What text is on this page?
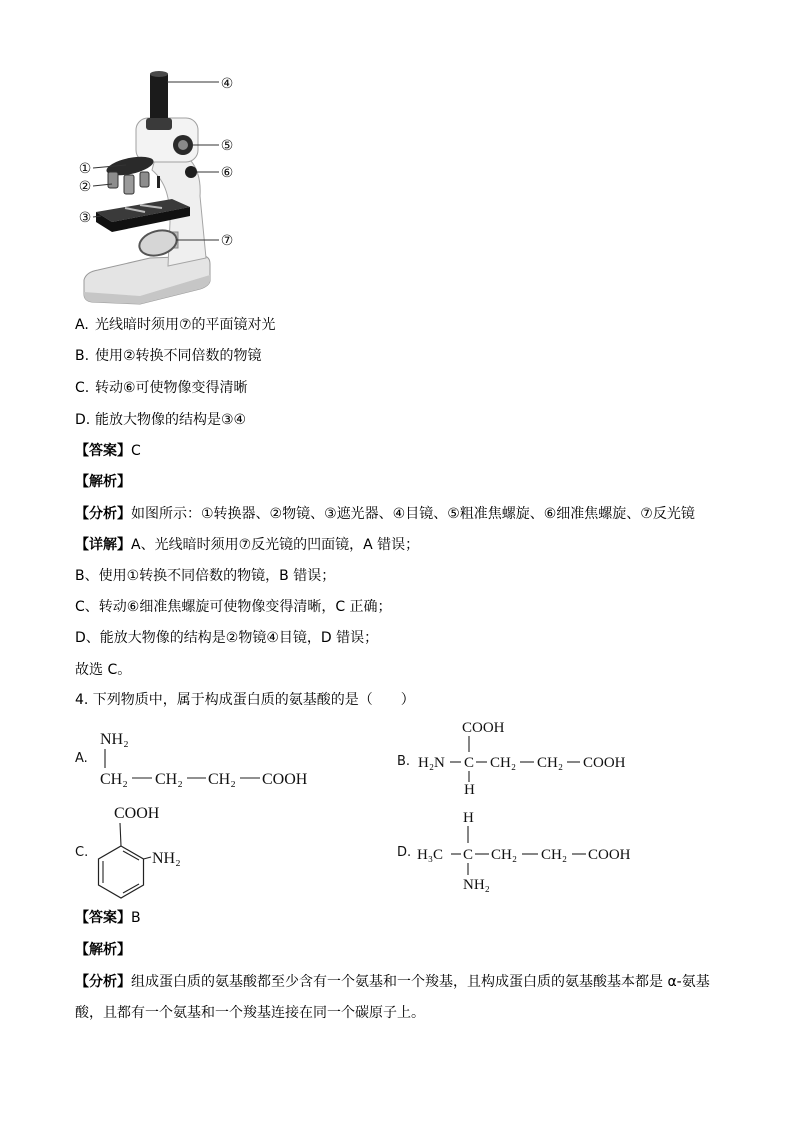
①
②
③
④
⑤
⑥
⑦
A. 光线暗时须用⑦的平面镜对光
B. 使用②转换不同倍数的物镜
C. 转动⑥可使物像变得清晰
D. 能放大物像的结构是③④
【答案】C
【解析】
【分析】如图所示：①转换器、②物镜、③遮光器、④目镜、⑤粗准焦螺旋、⑥细准焦螺旋、⑦反光镜
【详解】A、光线暗时须用⑦反光镜的凹面镜，A 错误；
B、使用①转换不同倍数的物镜，B 错误；
C、转动⑥细准焦螺旋可使物像变得清晰，C 正确；
D、能放大物像的结构是②物镜④目镜，D 错误；
故选 C。
4. 下列物质中，属于构成蛋白质的氨基酸的是（　　）
A.
NH₂
CH₂ CH₂ CH₂ COOH
B.
COOH
H₂N C CH₂ CH₂ COOH
H
C.
COOH
NH₂	D.
H
H₃C C CH₂ CH₂ COOH
NH₂
【答案】B
【解析】
【分析】组成蛋白质的氨基酸都至少含有一个氨基和一个羧基，且构成蛋白质的氨基酸基本都是 α-氨基
酸，且都有一个氨基和一个羧基连接在同一个碳原子上。
